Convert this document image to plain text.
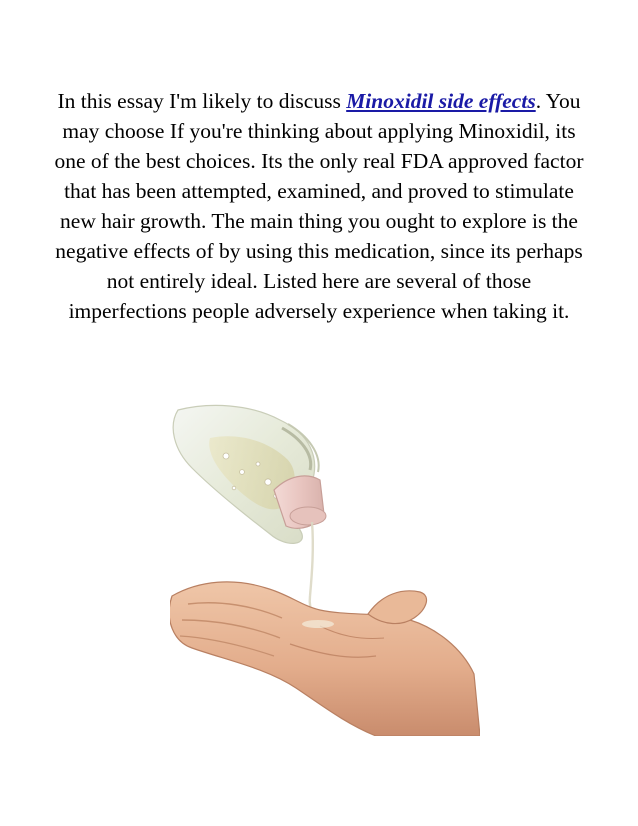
In this essay I'm likely to discuss Minoxidil side effects. You may choose If you're thinking about applying Minoxidil, its one of the best choices. Its the only real FDA approved factor that has been attempted, examined, and proved to stimulate new hair growth. The main thing you ought to explore is the negative effects of by using this medication, since its perhaps not entirely ideal. Listed here are several of those imperfections people adversely experience when taking it.
